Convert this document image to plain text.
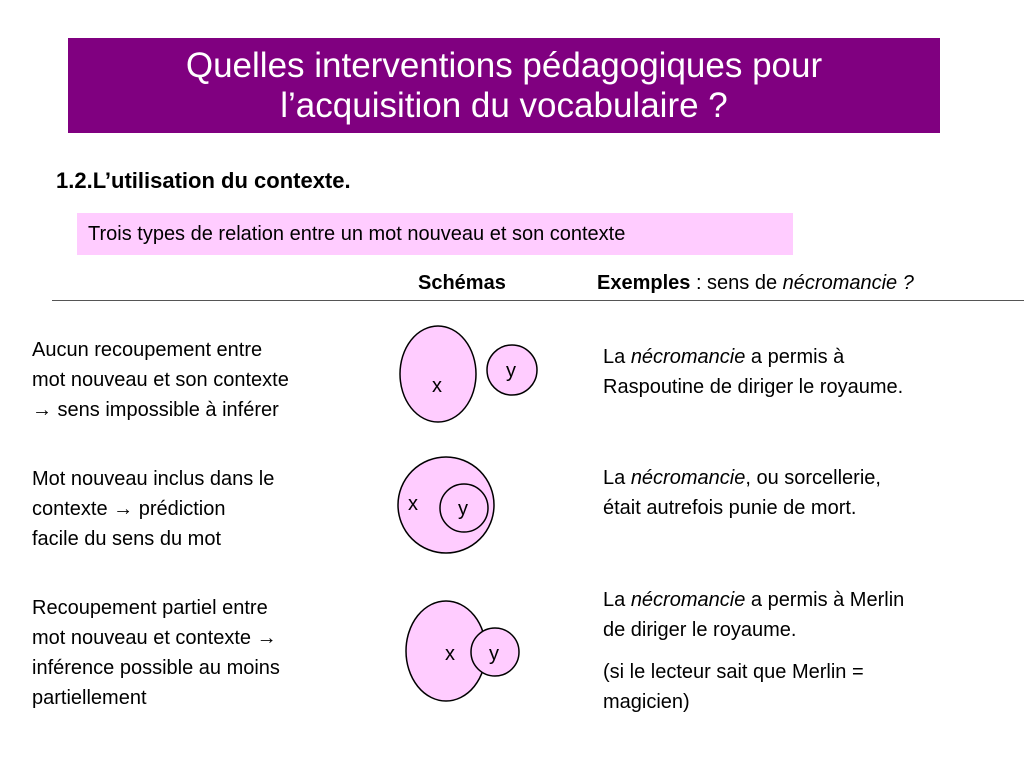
Quelles interventions pédagogiques pour
l’acquisition du vocabulaire ?
1.2.L’utilisation du contexte.
Trois types de relation entre un mot nouveau et son contexte
Schémas	Exemples : sens de nécromancie ?
Aucun recoupement entre
mot nouveau et son contexte
→ sens impossible à inférer

La nécromancie a permis à

Raspoutine de diriger le royaume.

Mot nouveau inclus dans le
contexte → prédiction
facile du sens du mot

La nécromancie, ou sorcellerie,

était autrefois punie de mort.

Recoupement partiel entre
mot nouveau et contexte →
inférence possible au moins
partiellement

La nécromancie a permis à Merlin

de diriger le royaume.

(si le lecteur sait que Merlin =
magicien)

x
y
x y
x y
